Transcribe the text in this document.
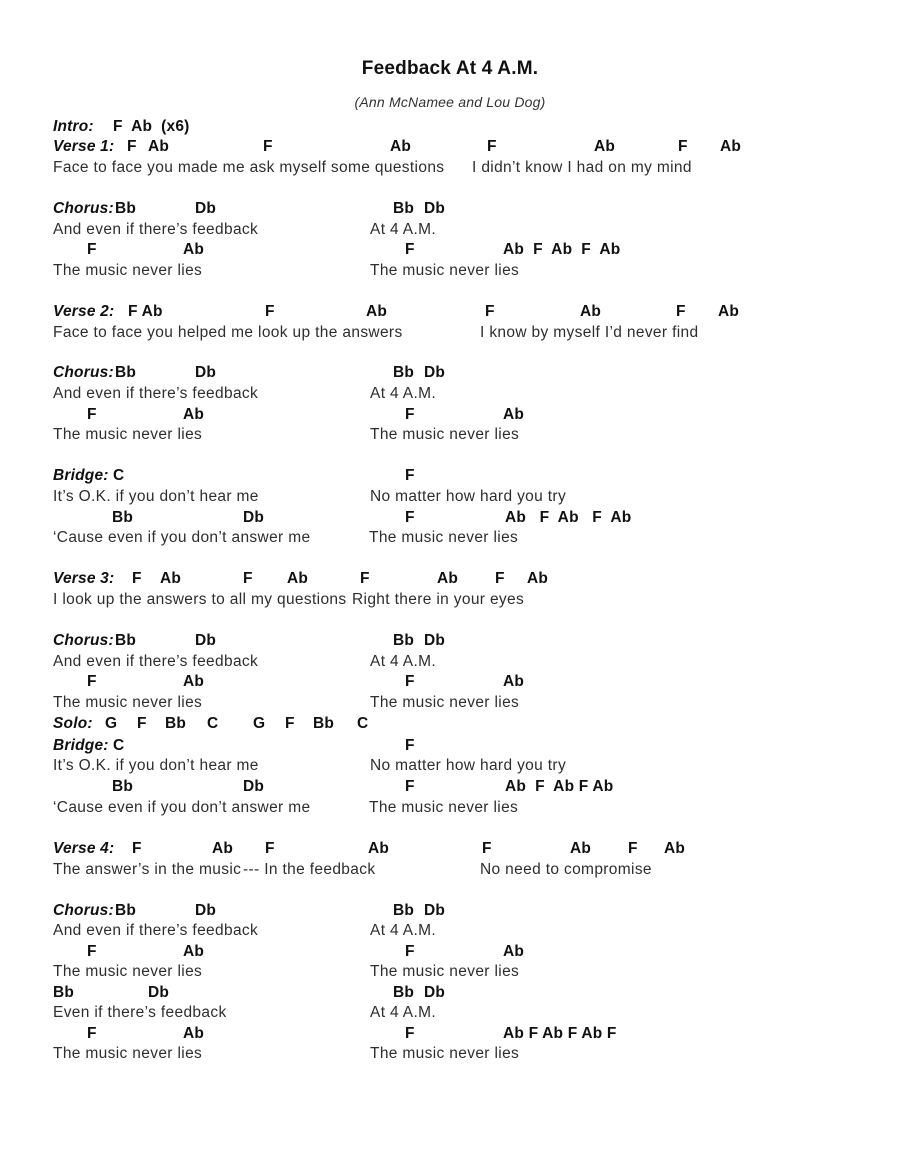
Feedback At 4 A.M.
(Ann McNamee and Lou Dog)
Intro: F  Ab  (x6)
Verse 1: F Ab	F	Ab	F	Ab	F Ab
Face to face you made me ask myself some questions I didn’t know I had on my mind
Chorus: Bb	Db	Bb Db
And even if there’s feedback	At 4 A.M.
F	Ab	F	Ab  F  Ab  F  Ab
The music never lies	The music never lies
Verse 2: F Ab	F	Ab	F	Ab	F Ab
Face to face you helped me look up the answers	I know by myself I’d never find
Chorus: Bb	Db	Bb Db
And even if there’s feedback	At 4 A.M.
F	Ab	F	Ab
The music never lies	The music never lies
Bridge: C	F
It’s O.K. if you don’t hear me	No matter how hard you try
Bb	Db	F	Ab   F  Ab   F  Ab
‘Cause even if you don’t answer me	The music never lies
Verse 3: F Ab	F Ab	F	Ab F Ab
I look up the answers to all my questions Right there in your eyes
Chorus: Bb	Db	Bb Db
And even if there’s feedback	At 4 A.M.
F	Ab	F	Ab
The music never lies	The music never lies
Solo: G F Bb C G F Bb C
Bridge: C	F
It’s O.K. if you don’t hear me	No matter how hard you try
Bb	Db	F	Ab  F  Ab F Ab
‘Cause even if you don’t answer me	The music never lies
Verse 4: F	Ab F	Ab	F	Ab F Ab
The answer’s in the music --- In the feedback	No need to compromise
Chorus: Bb	Db	Bb Db
And even if there’s feedback	At 4 A.M.
F	Ab	F	Ab
The music never lies	The music never lies
Bb	Db	Bb Db
Even if there’s feedback	At 4 A.M.
F	Ab	F	Ab F Ab F Ab F
The music never lies	The music never lies
